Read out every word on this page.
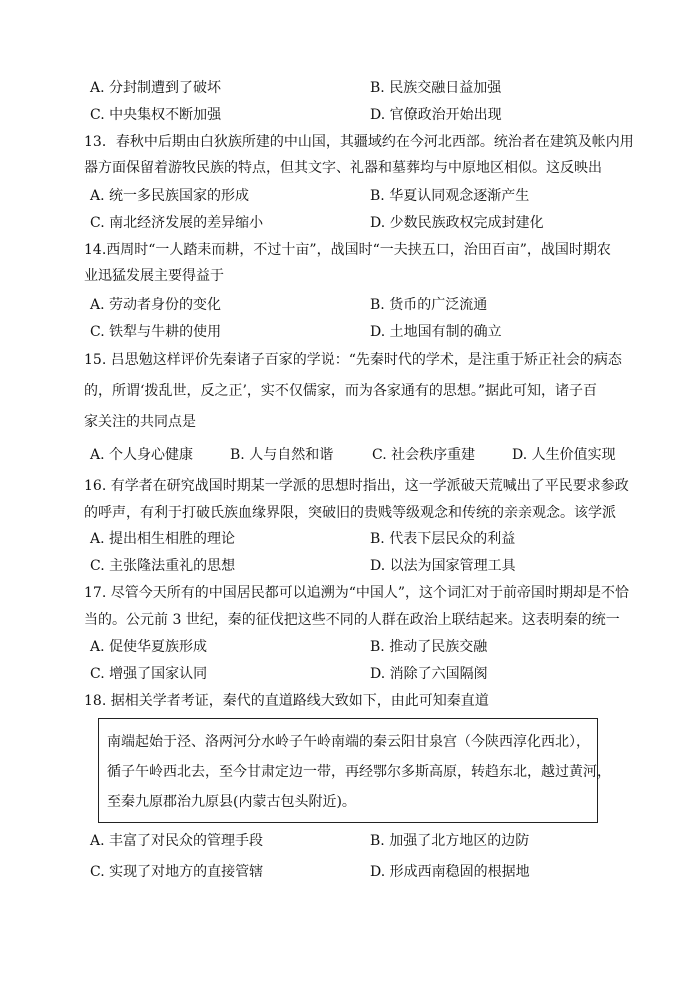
A. 分封制遭到了破坏	B. 民族交融日益加强
C. 中央集权不断加强	D. 官僚政治开始出现
13．春秋中后期由白狄族所建的中山国，其疆域约在今河北西部。统治者在建筑及帐内用
器方面保留着游牧民族的特点，但其文字、礼器和墓葬均与中原地区相似。这反映出
A. 统一多民族国家的形成	B. 华夏认同观念逐渐产生
C. 南北经济发展的差异缩小	D. 少数民族政权完成封建化
14.西周时“一人踏耒而耕，不过十亩”，战国时“一夫挟五口，治田百亩”，战国时期农
业迅猛发展主要得益于
A. 劳动者身份的变化	B. 货币的广泛流通
C. 铁犁与牛耕的使用	D. 土地国有制的确立
15. 吕思勉这样评价先秦诸子百家的学说：“先秦时代的学术，是注重于矫正社会的病态
的，所谓‘拨乱世，反之正’，实不仅儒家，而为各家通有的思想。”据此可知，诸子百
家关注的共同点是
A. 个人身心健康	B. 人与自然和谐	C. 社会秩序重建	D. 人生价值实现
16. 有学者在研究战国时期某一学派的思想时指出，这一学派破天荒喊出了平民要求参政
的呼声，有利于打破氏族血缘界限，突破旧的贵贱等级观念和传统的亲亲观念。该学派
A. 提出相生相胜的理论	B. 代表下层民众的利益
C. 主张隆法重礼的思想	D. 以法为国家管理工具
17. 尽管今天所有的中国居民都可以追溯为“中国人”，这个词汇对于前帝国时期却是不恰
当的。公元前 3 世纪，秦的征伐把这些不同的人群在政治上联结起来。这表明秦的统一
A. 促使华夏族形成	B. 推动了民族交融
C. 增强了国家认同	D. 消除了六国隔阂
18. 据相关学者考证，秦代的直道路线大致如下，由此可知秦直道
南端起始于泾、洛两河分水岭子午岭南端的秦云阳甘泉宫（今陕西淳化西北），
循子午岭西北去，至今甘肃定边一带，再经鄂尔多斯高原，转趋东北，越过黄河，
至秦九原郡治九原县(内蒙古包头附近)。
A. 丰富了对民众的管理手段	B. 加强了北方地区的边防
C. 实现了对地方的直接管辖	D. 形成西南稳固的根据地
